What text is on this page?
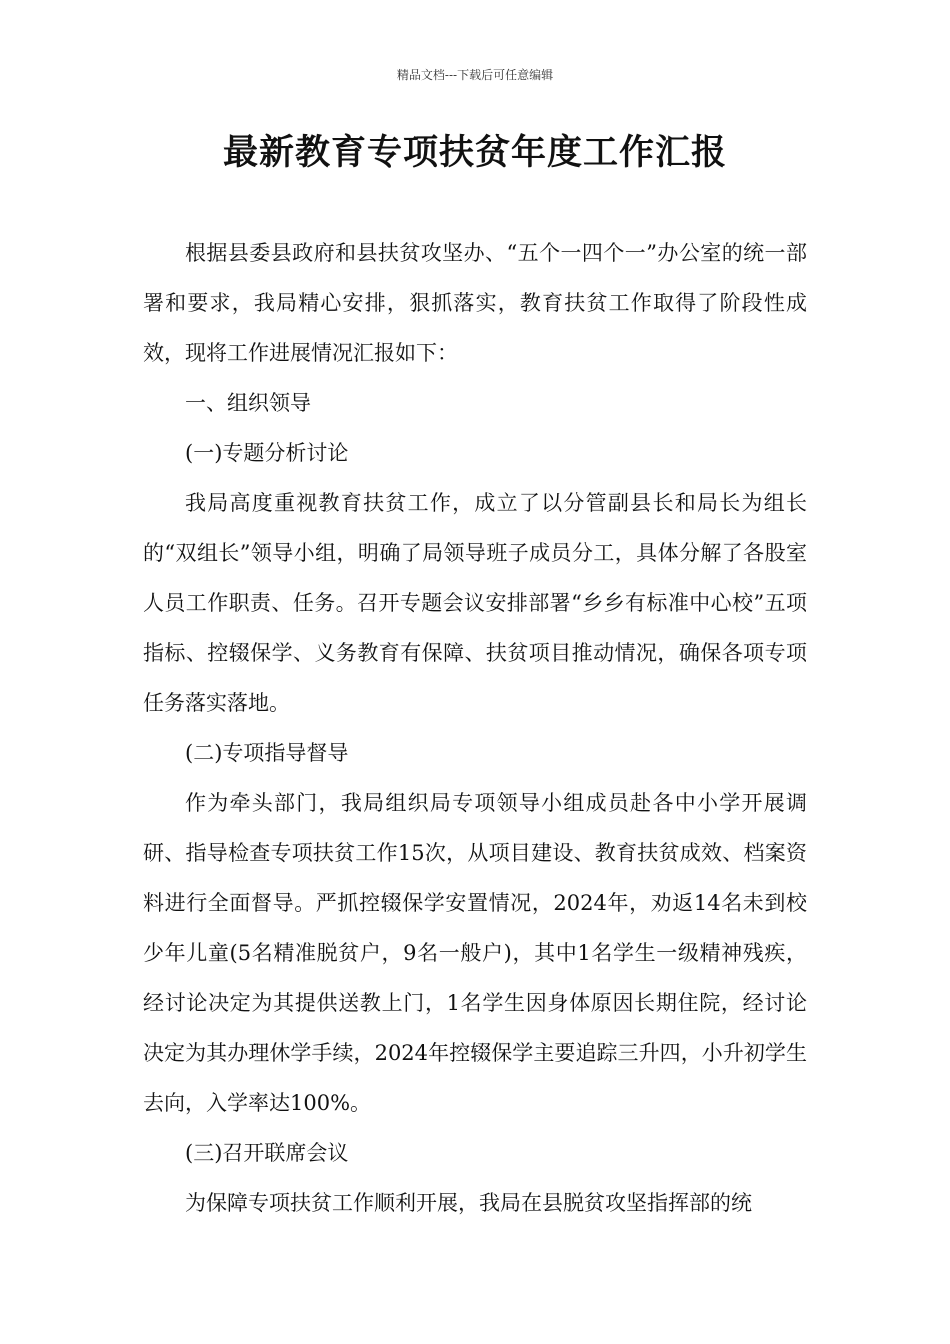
精品文档---下载后可任意编辑
最新教育专项扶贫年度工作汇报

根据县委县政府和县扶贫攻坚办、“五个一四个一”办公室的统一部署和要求，我局精心安排，狠抓落实，教育扶贫工作取得了阶段性成效，现将工作进展情况汇报如下：

一、组织领导

(一)专题分析讨论

我局高度重视教育扶贫工作，成立了以分管副县长和局长为组长的“双组长”领导小组，明确了局领导班子成员分工，具体分解了各股室人员工作职责、任务。召开专题会议安排部署“乡乡有标准中心校”五项指标、控辍保学、义务教育有保障、扶贫项目推动情况，确保各项专项任务落实落地。

(二)专项指导督导

作为牵头部门，我局组织局专项领导小组成员赴各中小学开展调研、指导检查专项扶贫工作15次，从项目建设、教育扶贫成效、档案资料进行全面督导。严抓控辍保学安置情况，2024年，劝返14名未到校少年儿童(5名精准脱贫户，9名一般户)，其中1名学生一级精神残疾，经讨论决定为其提供送教上门，1名学生因身体原因长期住院，经讨论决定为其办理休学手续，2024年控辍保学主要追踪三升四，小升初学生去向，入学率达100%。

(三)召开联席会议

为保障专项扶贫工作顺利开展，我局在县脱贫攻坚指挥部的统
